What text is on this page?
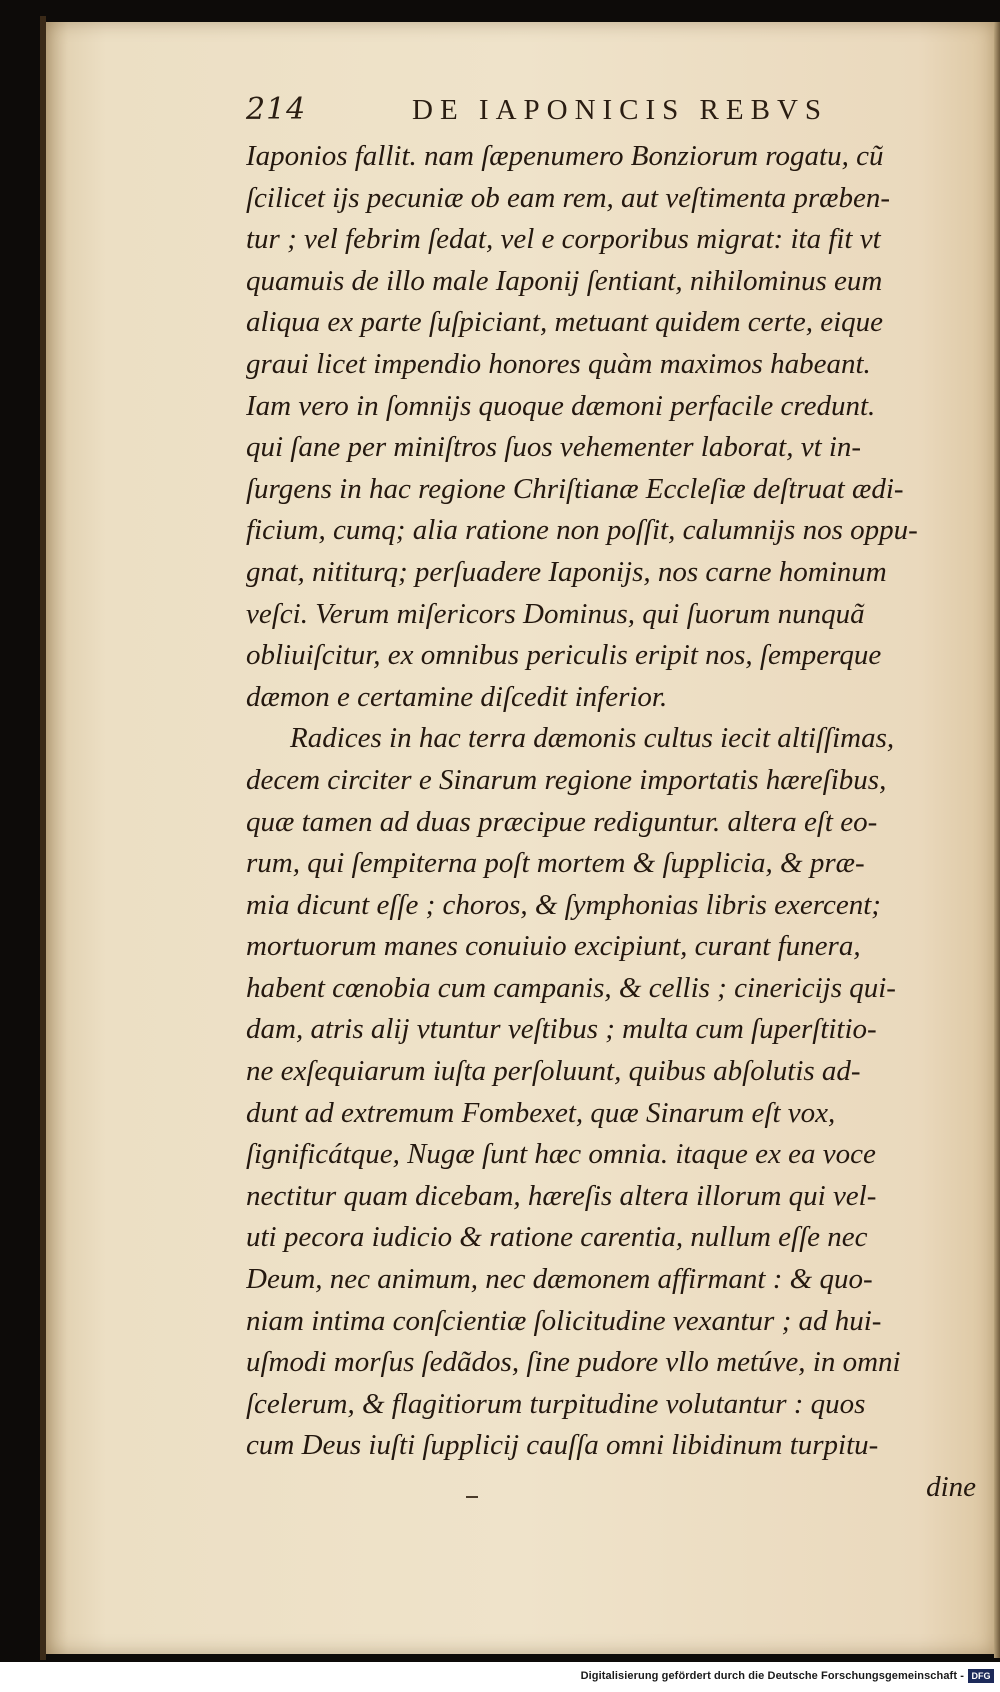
214	DE IAPONICIS REBVS
Iaponios fallit. nam ſæpenumero Bonziorum rogatu, cũ
ſcilicet ijs pecuniæ ob eam rem, aut veſtimenta præben-
tur ; vel febrim ſedat, vel e corporibus migrat: ita fit vt
quamuis de illo male Iaponij ſentiant, nihilominus eum
aliqua ex parte ſuſpiciant, metuant quidem certe, eique
graui licet impendio honores quàm maximos habeant.
Iam vero in ſomnijs quoque dæmoni perfacile credunt.
qui ſane per miniſtros ſuos vehementer laborat, vt in-
ſurgens in hac regione Chriſtianæ Eccleſiæ deſtruat ædi-
ficium, cumq; alia ratione non poſſit, calumnijs nos oppu-
gnat, nititurq; perſuadere Iaponijs, nos carne hominum
veſci. Verum miſericors Dominus, qui ſuorum nunquã
obliuiſcitur, ex omnibus periculis eripit nos, ſemperque
dæmon e certamine diſcedit inferior.
Radices in hac terra dæmonis cultus iecit altiſſimas,
decem circiter e Sinarum regione importatis hæreſibus,
quæ tamen ad duas præcipue rediguntur. altera eſt eo-
rum, qui ſempiterna poſt mortem & ſupplicia, & præ-
mia dicunt eſſe ; choros, & ſymphonias libris exercent;
mortuorum manes conuiuio excipiunt, curant funera,
habent cœnobia cum campanis, & cellis ; cinericijs qui-
dam, atris alij vtuntur veſtibus ; multa cum ſuperſtitio-
ne exſequiarum iuſta perſoluunt, quibus abſolutis ad-
dunt ad extremum Fombexet, quæ Sinarum eſt vox,
ſignificátque, Nugæ ſunt hæc omnia. itaque ex ea voce
nectitur quam dicebam, hæreſis altera illorum qui vel-
uti pecora iudicio & ratione carentia, nullum eſſe nec
Deum, nec animum, nec dæmonem affirmant : & quo-
niam intima conſcientiæ ſolicitudine vexantur ; ad hui-
uſmodi morſus ſedãdos, ſine pudore vllo metúve, in omni
ſcelerum, & flagitiorum turpitudine volutantur : quos
cum Deus iuſti ſupplicij cauſſa omni libidinum turpitu-
dine
Digitalisierung gefördert durch die Deutsche Forschungsgemeinschaft - DFG
